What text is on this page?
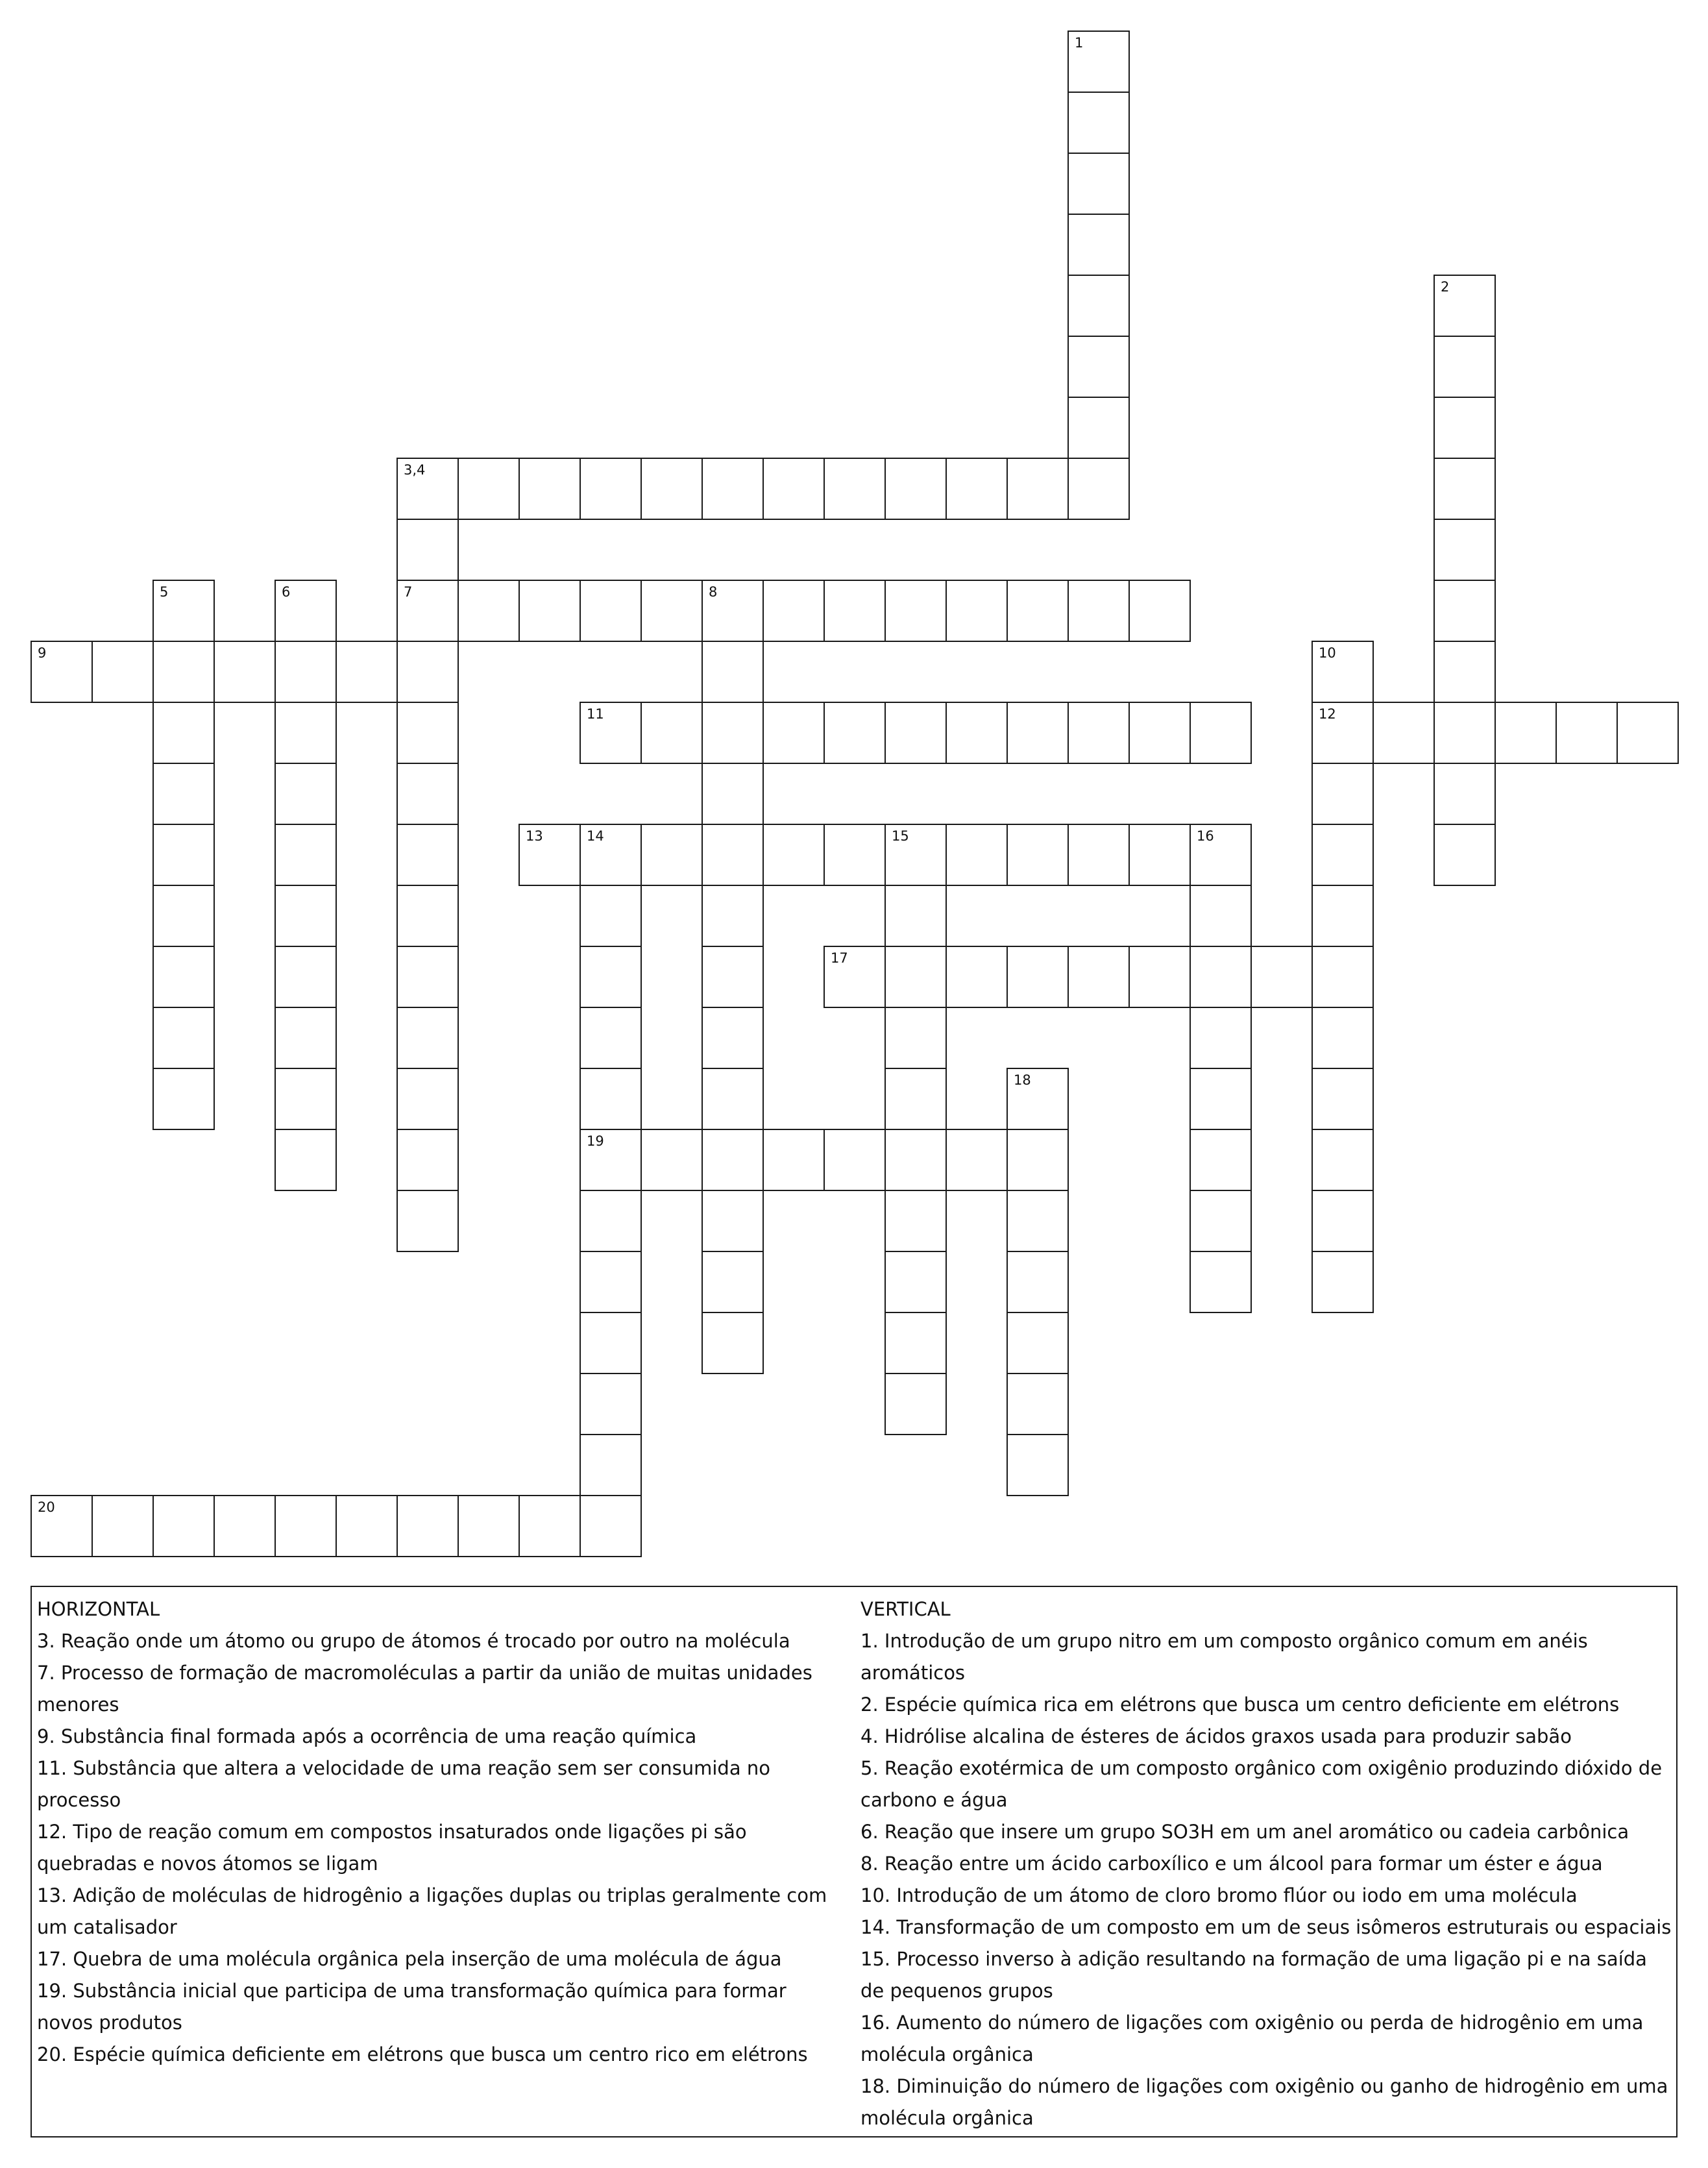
1
2
3,4
7
5	6	8
9	10
12
11
13	14	15	16
19
17
18
20
HORIZONTAL
3. Reação onde um átomo ou grupo de átomos é trocado por outro na molécula
7. Processo de formação de macromoléculas a partir da união de muitas unidades menores
9. Substância final formada após a ocorrência de uma reação química
11. Substância que altera a velocidade de uma reação sem ser consumida no processo
12. Tipo de reação comum em compostos insaturados onde ligações pi são quebradas e novos átomos se ligam
13. Adição de moléculas de hidrogênio a ligações duplas ou triplas geralmente com um catalisador
17. Quebra de uma molécula orgânica pela inserção de uma molécula de água
19. Substância inicial que participa de uma transformação química para formar novos produtos
20. Espécie química deficiente em elétrons que busca um centro rico em elétrons
VERTICAL
1. Introdução de um grupo nitro em um composto orgânico comum em anéis aromáticos
2. Espécie química rica em elétrons que busca um centro deficiente em elétrons
4. Hidrólise alcalina de ésteres de ácidos graxos usada para produzir sabão
5. Reação exotérmica de um composto orgânico com oxigênio produzindo dióxido de carbono e água
6. Reação que insere um grupo SO3H em um anel aromático ou cadeia carbônica
8. Reação entre um ácido carboxílico e um álcool para formar um éster e água
10. Introdução de um átomo de cloro bromo flúor ou iodo em uma molécula
14. Transformação de um composto em um de seus isômeros estruturais ou espaciais
15. Processo inverso à adição resultando na formação de uma ligação pi e na saída de pequenos grupos
16. Aumento do número de ligações com oxigênio ou perda de hidrogênio em uma molécula orgânica
18. Diminuição do número de ligações com oxigênio ou ganho de hidrogênio em uma molécula orgânica
